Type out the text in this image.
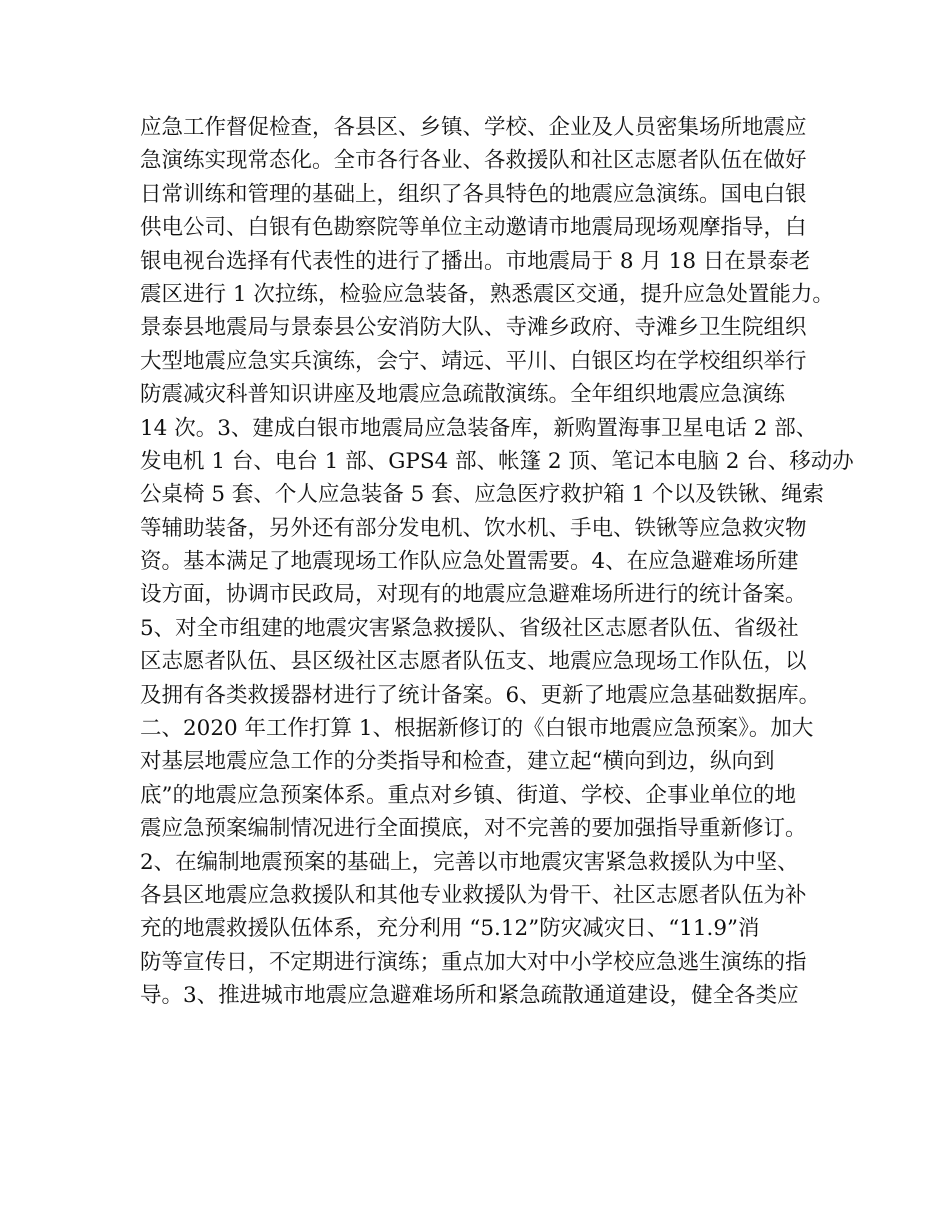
应急工作督促检查，各县区、乡镇、学校、企业及人员密集场所地震应
急演练实现常态化。全市各行各业、各救援队和社区志愿者队伍在做好
日常训练和管理的基础上，组织了各具特色的地震应急演练。国电白银
供电公司、白银有色勘察院等单位主动邀请市地震局现场观摩指导，白
银电视台选择有代表性的进行了播出。市地震局于 8 月 18 日在景泰老
震区进行 1 次拉练，检验应急装备，熟悉震区交通，提升应急处置能力。
景泰县地震局与景泰县公安消防大队、寺滩乡政府、寺滩乡卫生院组织
大型地震应急实兵演练，会宁、靖远、平川、白银区均在学校组织举行
防震减灾科普知识讲座及地震应急疏散演练。全年组织地震应急演练
14 次。3、建成白银市地震局应急装备库，新购置海事卫星电话 2 部、
发电机 1 台、电台 1 部、GPS4 部、帐篷 2 顶、笔记本电脑 2 台、移动办
公桌椅 5 套、个人应急装备 5 套、应急医疗救护箱 1 个以及铁锹、绳索
等辅助装备，另外还有部分发电机、饮水机、手电、铁锹等应急救灾物
资。基本满足了地震现场工作队应急处置需要。4、在应急避难场所建
设方面，协调市民政局，对现有的地震应急避难场所进行的统计备案。
5、对全市组建的地震灾害紧急救援队、省级社区志愿者队伍、省级社
区志愿者队伍、县区级社区志愿者队伍支、地震应急现场工作队伍，以
及拥有各类救援器材进行了统计备案。6、更新了地震应急基础数据库。
二、2020 年工作打算 1、根据新修订的《白银市地震应急预案》。加大
对基层地震应急工作的分类指导和检查，建立起“横向到边，纵向到
底”的地震应急预案体系。重点对乡镇、街道、学校、企事业单位的地
震应急预案编制情况进行全面摸底，对不完善的要加强指导重新修订。
2、在编制地震预案的基础上，完善以市地震灾害紧急救援队为中坚、
各县区地震应急救援队和其他专业救援队为骨干、社区志愿者队伍为补
充的地震救援队伍体系，充分利用 “5.12”防灾减灾日、“11.9”消
防等宣传日，不定期进行演练；重点加大对中小学校应急逃生演练的指
导。3、推进城市地震应急避难场所和紧急疏散通道建设，健全各类应
